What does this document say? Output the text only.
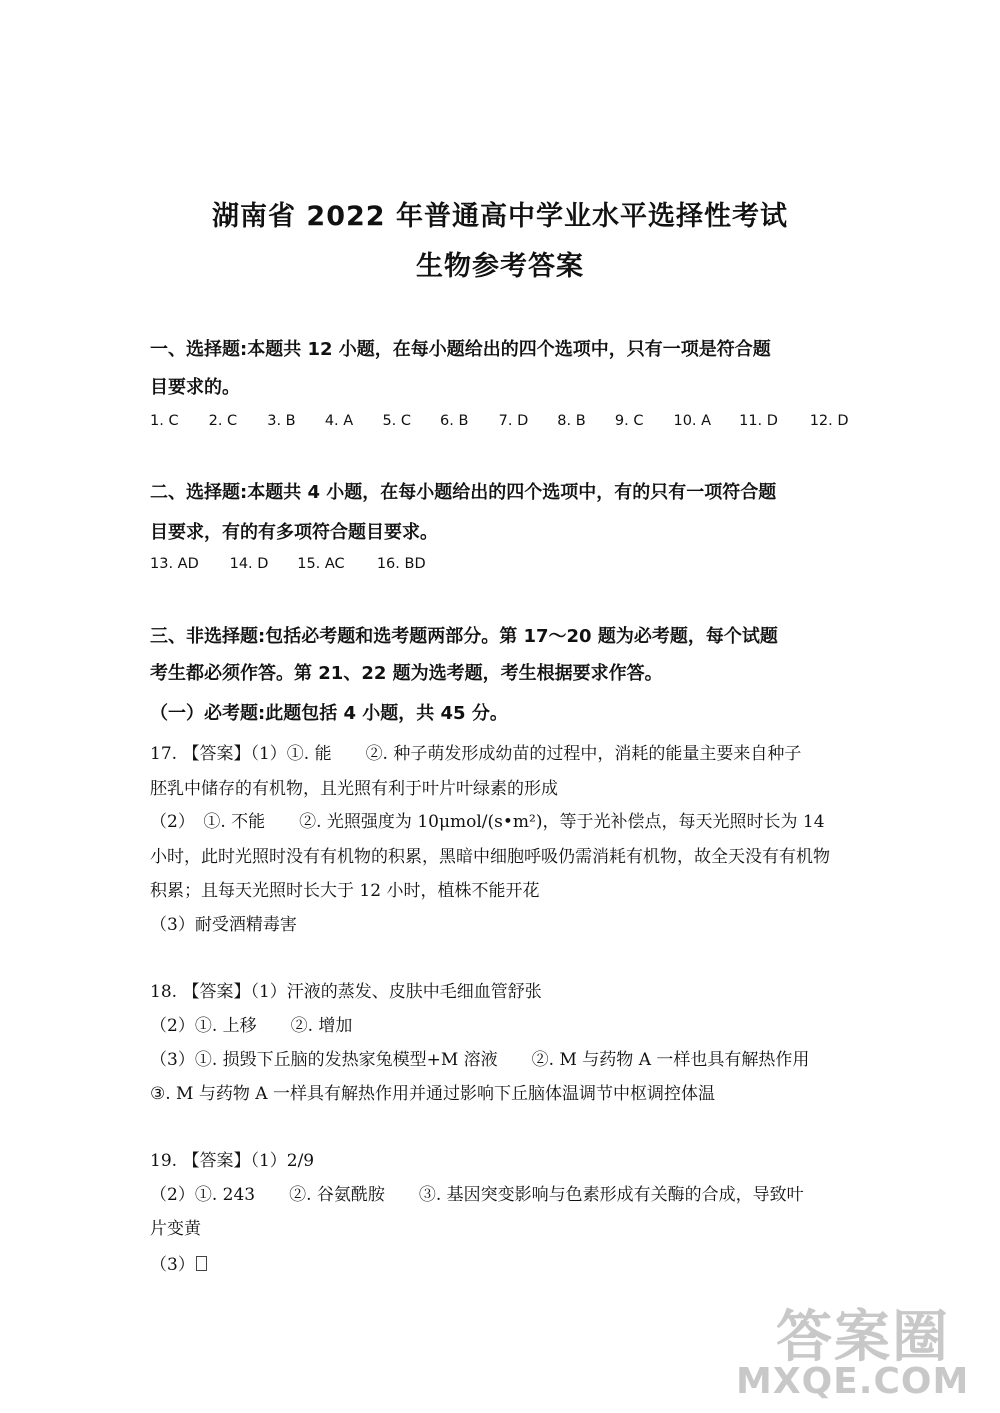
湖南省 2022 年普通高中学业水平选择性考试
生物参考答案
一、选择题:本题共 12 小题，在每小题给出的四个选项中，只有一项是符合题
目要求的。
1. C 2. C 3. B 4. A 5. C 6. B 7. D 8. B 9. C 10. A 11. D 12. D
二、选择题:本题共 4 小题，在每小题给出的四个选项中，有的只有一项符合题
目要求，有的有多项符合题目要求。
13. AD 14. D 15. AC 16. BD
三、非选择题:包括必考题和选考题两部分。第 17～20 题为必考题，每个试题
考生都必须作答。第 21、22 题为选考题，考生根据要求作答。
（一）必考题:此题包括 4 小题，共 45 分。
17. 【答案】（1）①. 能　　②. 种子萌发形成幼苗的过程中，消耗的能量主要来自种子
胚乳中储存的有机物，且光照有利于叶片叶绿素的形成
（2）　①. 不能　　②. 光照强度为 10μmol/(s•m²)，等于光补偿点，每天光照时长为 14
小时，此时光照时没有有机物的积累，黑暗中细胞呼吸仍需消耗有机物，故全天没有有机物
积累；且每天光照时长大于 12 小时，植株不能开花
（3）耐受酒精毒害
18. 【答案】（1）汗液的蒸发、皮肤中毛细血管舒张
（2）①. 上移　　②. 增加
（3）①. 损毁下丘脑的发热家兔模型+M 溶液　　②. M 与药物 A 一样也具有解热作用
③. M 与药物 A 一样具有解热作用并通过影响下丘脑体温调节中枢调控体温
19. 【答案】（1）2/9
（2）①. 243　　②. 谷氨酰胺　　③. 基因突变影响与色素形成有关酶的合成，导致叶
片变黄
（3）
答案圈
MXQE.COM
